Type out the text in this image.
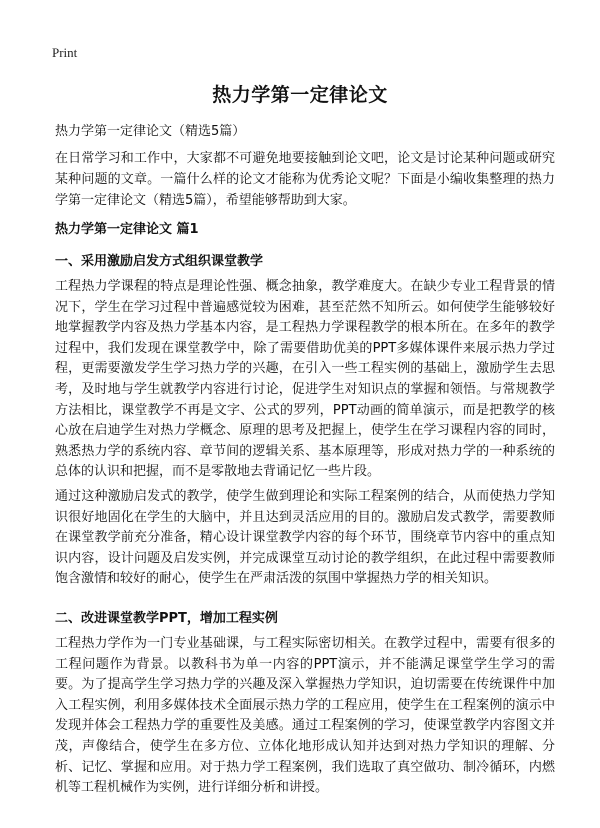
Print
热力学第一定律论文

热力学第一定律论文（精选5篇）

在日常学习和工作中，大家都不可避免地要接触到论文吧，论文是讨论某种问题或研究某种问题的文章。一篇什么样的论文才能称为优秀论文呢？下面是小编收集整理的热力学第一定律论文（精选5篇），希望能够帮助到大家。

热力学第一定律论文 篇1
一、采用激励启发方式组织课堂教学

工程热力学课程的特点是理论性强、概念抽象，教学难度大。在缺少专业工程背景的情况下，学生在学习过程中普遍感觉较为困难，甚至茫然不知所云。如何使学生能够较好地掌握教学内容及热力学基本内容，是工程热力学课程教学的根本所在。在多年的教学过程中，我们发现在课堂教学中，除了需要借助优美的PPT多媒体课件来展示热力学过程，更需要激发学生学习热力学的兴趣，在引入一些工程实例的基础上，激励学生去思考，及时地与学生就教学内容进行讨论，促进学生对知识点的掌握和领悟。与常规教学方法相比，课堂教学不再是文字、公式的罗列，PPT动画的简单演示，而是把教学的核心放在启迪学生对热力学概念、原理的思考及把握上，使学生在学习课程内容的同时，熟悉热力学的系统内容、章节间的逻辑关系、基本原理等，形成对热力学的一种系统的总体的认识和把握，而不是零散地去背诵记忆一些片段。

通过这种激励启发式的教学，使学生做到理论和实际工程案例的结合，从而使热力学知识很好地固化在学生的大脑中，并且达到灵活应用的目的。激励启发式教学，需要教师在课堂教学前充分准备，精心设计课堂教学内容的每个环节，围绕章节内容中的重点知识内容，设计问题及启发实例，并完成课堂互动讨论的教学组织，在此过程中需要教师饱含激情和较好的耐心，使学生在严肃活泼的氛围中掌握热力学的相关知识。

二、改进课堂教学PPT，增加工程实例

工程热力学作为一门专业基础课，与工程实际密切相关。在教学过程中，需要有很多的工程问题作为背景。以教科书为单一内容的PPT演示，并不能满足课堂学生学习的需要。为了提高学生学习热力学的兴趣及深入掌握热力学知识，迫切需要在传统课件中加入工程实例，利用多媒体技术全面展示热力学的工程应用，使学生在工程案例的演示中发现并体会工程热力学的重要性及美感。通过工程案例的学习，使课堂教学内容图文并茂，声像结合，使学生在多方位、立体化地形成认知并达到对热力学知识的理解、分析、记忆、掌握和应用。对于热力学工程案例，我们选取了真空做功、制冷循环，内燃机等工程机械作为实例，进行详细分析和讲授。
